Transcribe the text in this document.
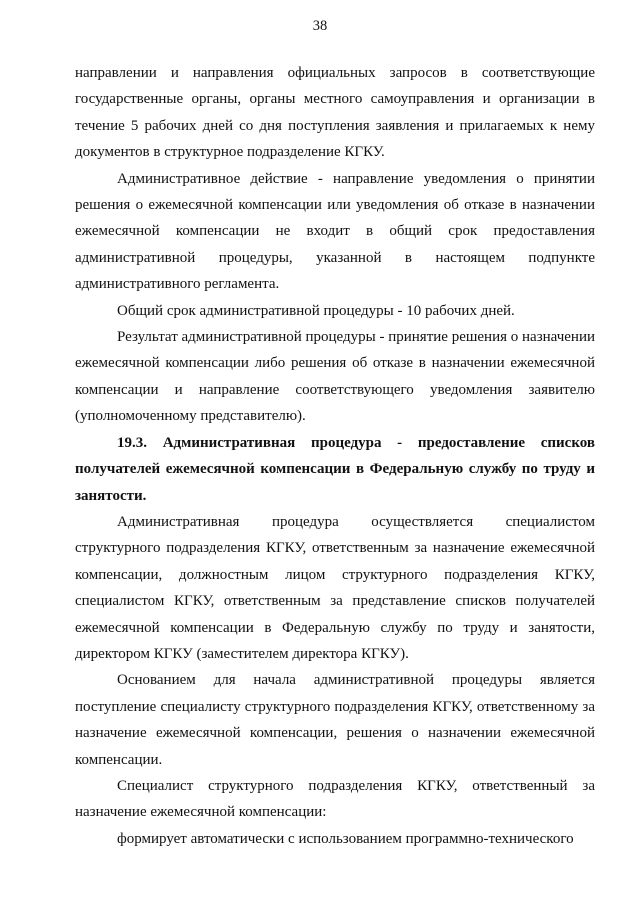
38

направлении и направления официальных запросов в соответствующие государственные органы, органы местного самоуправления и организации в течение 5 рабочих дней со дня поступления заявления и прилагаемых к нему документов в структурное подразделение КГКУ.

Административное действие - направление уведомления о принятии решения о ежемесячной компенсации или уведомления об отказе в назначении ежемесячной компенсации не входит в общий срок предоставления административной процедуры, указанной в настоящем подпункте административного регламента.

Общий срок административной процедуры - 10 рабочих дней.

Результат административной процедуры - принятие решения о назначении ежемесячной компенсации либо решения об отказе в назначении ежемесячной компенсации и направление соответствующего уведомления заявителю (уполномоченному представителю).

19.3. Административная процедура - предоставление списков получателей ежемесячной компенсации в Федеральную службу по труду и занятости.

Административная процедура осуществляется специалистом структурного подразделения КГКУ, ответственным за назначение ежемесячной компенсации, должностным лицом структурного подразделения КГКУ, специалистом КГКУ, ответственным за представление списков получателей ежемесячной компенсации в Федеральную службу по труду и занятости, директором КГКУ (заместителем директора КГКУ).

Основанием для начала административной процедуры является поступление специалисту структурного подразделения КГКУ, ответственному за назначение ежемесячной компенсации, решения о назначении ежемесячной компенсации.

Специалист структурного подразделения КГКУ, ответственный за назначение ежемесячной компенсации:

формирует автоматически с использованием программно-технического
